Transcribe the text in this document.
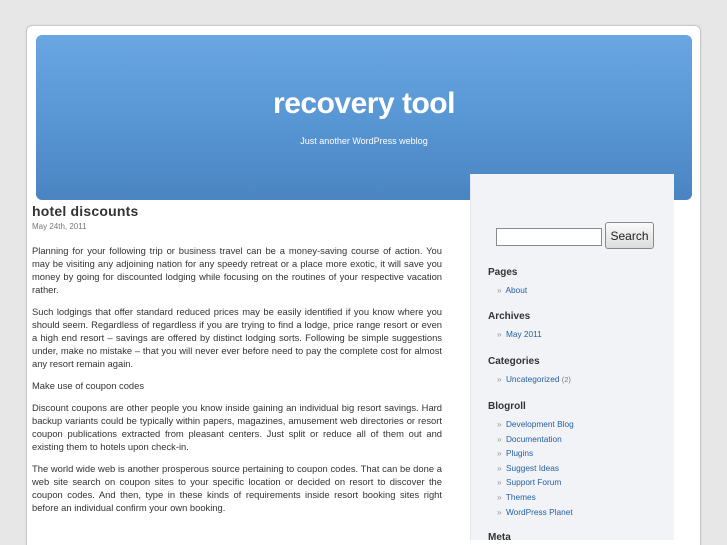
recovery tool
Just another WordPress weblog
hotel discounts
May 24th, 2011

Planning for your following trip or business travel can be a money-saving course of action. You may be visiting any adjoining nation for any speedy retreat or a place more exotic, it will save you money by going for discounted lodging while focusing on the routines of your respective vacation rather.

Such lodgings that offer standard reduced prices may be easily identified if you know where you should seem. Regardless of regardless if you are trying to find a lodge, price range resort or even a high end resort – savings are offered by distinct lodging sorts. Following be simple suggestions under, make no mistake – that you will never ever before need to pay the complete cost for almost any resort remain again.

Make use of coupon codes

Discount coupons are other people you know inside gaining an individual big resort savings. Hard backup variants could be typically within papers, magazines, amusement web directories or resort coupon publications extracted from pleasant centers. Just split or reduce all of them out and existing them to hotels upon check-in.

The world wide web is another prosperous source pertaining to coupon codes. That can be done a web site search on coupon sites to your specific location or decided on resort to discover the coupon codes. And then, type in these kinds of requirements inside resort booking sites right before an individual confirm your own booking.

Search
Pages
» About
Archives
» May 2011
Categories
» Uncategorized (2)
Blogroll
» Development Blog
» Documentation
» Plugins
» Suggest Ideas
» Support Forum
» Themes
» WordPress Planet
Meta
